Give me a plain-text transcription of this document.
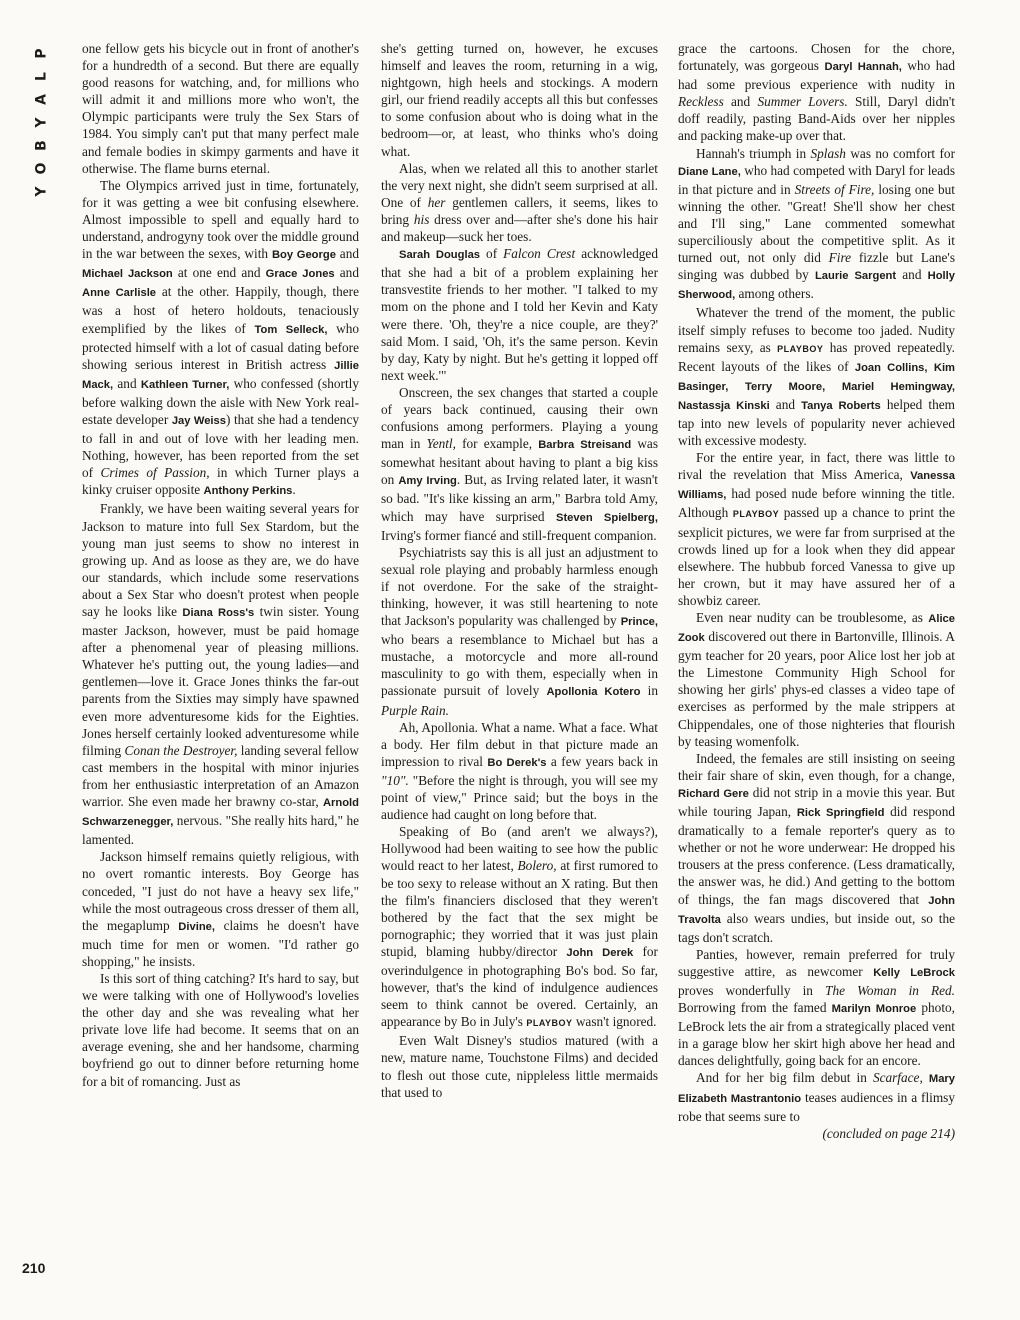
P
L
A
Y
B
O
Y
210

one fellow gets his bicycle out in front of another's for a hundredth of a second. But there are equally good reasons for watching, and, for millions who will admit it and millions more who won't, the Olympic participants were truly the Sex Stars of 1984. You simply can't put that many perfect male and female bodies in skimpy garments and have it otherwise. The flame burns eternal.

The Olympics arrived just in time, fortunately, for it was getting a wee bit confusing elsewhere. Almost impossible to spell and equally hard to understand, androgyny took over the middle ground in the war between the sexes, with Boy George and Michael Jackson at one end and Grace Jones and Anne Carlisle at the other. Happily, though, there was a host of hetero holdouts, tenaciously exemplified by the likes of Tom Selleck, who protected himself with a lot of casual dating before showing serious interest in British actress Jillie Mack, and Kathleen Turner, who confessed (shortly before walking down the aisle with New York real-estate developer Jay Weiss) that she had a tendency to fall in and out of love with her leading men. Nothing, however, has been reported from the set of Crimes of Passion, in which Turner plays a kinky cruiser opposite Anthony Perkins.

Frankly, we have been waiting several years for Jackson to mature into full Sex Stardom, but the young man just seems to show no interest in growing up. And as loose as they are, we do have our standards, which include some reservations about a Sex Star who doesn't protest when people say he looks like Diana Ross's twin sister. Young master Jackson, however, must be paid homage after a phenomenal year of pleasing millions. Whatever he's putting out, the young ladies—and gentlemen—love it. Grace Jones thinks the far-out parents from the Sixties may simply have spawned even more adventuresome kids for the Eighties. Jones herself certainly looked adventuresome while filming Conan the Destroyer, landing several fellow cast members in the hospital with minor injuries from her enthusiastic interpretation of an Amazon warrior. She even made her brawny co-star, Arnold Schwarzenegger, nervous. "She really hits hard," he lamented.

Jackson himself remains quietly religious, with no overt romantic interests. Boy George has conceded, "I just do not have a heavy sex life," while the most outrageous cross dresser of them all, the megaplump Divine, claims he doesn't have much time for men or women. "I'd rather go shopping," he insists.

Is this sort of thing catching? It's hard to say, but we were talking with one of Hollywood's lovelies the other day and she was revealing what her private love life had become. It seems that on an average evening, she and her handsome, charming boyfriend go out to dinner before returning home for a bit of romancing. Just as

she's getting turned on, however, he excuses himself and leaves the room, returning in a wig, nightgown, high heels and stockings. A modern girl, our friend readily accepts all this but confesses to some confusion about who is doing what in the bedroom—or, at least, who thinks who's doing what.

Alas, when we related all this to another starlet the very next night, she didn't seem surprised at all. One of her gentlemen callers, it seems, likes to bring his dress over and—after she's done his hair and makeup—suck her toes.

Sarah Douglas of Falcon Crest acknowledged that she had a bit of a problem explaining her transvestite friends to her mother. "I talked to my mom on the phone and I told her Kevin and Katy were there. 'Oh, they're a nice couple, are they?' said Mom. I said, 'Oh, it's the same person. Kevin by day, Katy by night. But he's getting it lopped off next week.'"

Onscreen, the sex changes that started a couple of years back continued, causing their own confusions among performers. Playing a young man in Yentl, for example, Barbra Streisand was somewhat hesitant about having to plant a big kiss on Amy Irving. But, as Irving related later, it wasn't so bad. "It's like kissing an arm," Barbra told Amy, which may have surprised Steven Spielberg, Irving's former fiancé and still-frequent companion.

Psychiatrists say this is all just an adjustment to sexual role playing and probably harmless enough if not overdone. For the sake of the straight-thinking, however, it was still heartening to note that Jackson's popularity was challenged by Prince, who bears a resemblance to Michael but has a mustache, a motorcycle and more all-round masculinity to go with them, especially when in passionate pursuit of lovely Apollonia Kotero in Purple Rain.

Ah, Apollonia. What a name. What a face. What a body. Her film debut in that picture made an impression to rival Bo Derek's a few years back in "10". "Before the night is through, you will see my point of view," Prince said; but the boys in the audience had caught on long before that.

Speaking of Bo (and aren't we always?), Hollywood had been waiting to see how the public would react to her latest, Bolero, at first rumored to be too sexy to release without an X rating. But then the film's financiers disclosed that they weren't bothered by the fact that the sex might be pornographic; they worried that it was just plain stupid, blaming hubby/director John Derek for overindulgence in photographing Bo's bod. So far, however, that's the kind of indulgence audiences seem to think cannot be overed. Certainly, an appearance by Bo in July's PLAYBOY wasn't ignored.

Even Walt Disney's studios matured (with a new, mature name, Touchstone Films) and decided to flesh out those cute, nippleless little mermaids that used to

grace the cartoons. Chosen for the chore, fortunately, was gorgeous Daryl Hannah, who had had some previous experience with nudity in Reckless and Summer Lovers. Still, Daryl didn't doff readily, pasting Band-Aids over her nipples and packing make-up over that.

Hannah's triumph in Splash was no comfort for Diane Lane, who had competed with Daryl for leads in that picture and in Streets of Fire, losing one but winning the other. "Great! She'll show her chest and I'll sing," Lane commented somewhat superciliously about the competitive split. As it turned out, not only did Fire fizzle but Lane's singing was dubbed by Laurie Sargent and Holly Sherwood, among others.

Whatever the trend of the moment, the public itself simply refuses to become too jaded. Nudity remains sexy, as PLAYBOY has proved repeatedly. Recent layouts of the likes of Joan Collins, Kim Basinger, Terry Moore, Mariel Hemingway, Nastassja Kinski and Tanya Roberts helped them tap into new levels of popularity never achieved with excessive modesty.

For the entire year, in fact, there was little to rival the revelation that Miss America, Vanessa Williams, had posed nude before winning the title. Although PLAYBOY passed up a chance to print the sexplicit pictures, we were far from surprised at the crowds lined up for a look when they did appear elsewhere. The hubbub forced Vanessa to give up her crown, but it may have assured her of a showbiz career.

Even near nudity can be troublesome, as Alice Zook discovered out there in Bartonville, Illinois. A gym teacher for 20 years, poor Alice lost her job at the Limestone Community High School for showing her girls' phys-ed classes a video tape of exercises as performed by the male strippers at Chippendales, one of those nighteries that flourish by teasing womenfolk.

Indeed, the females are still insisting on seeing their fair share of skin, even though, for a change, Richard Gere did not strip in a movie this year. But while touring Japan, Rick Springfield did respond dramatically to a female reporter's query as to whether or not he wore underwear: He dropped his trousers at the press conference. (Less dramatically, the answer was, he did.) And getting to the bottom of things, the fan mags discovered that John Travolta also wears undies, but inside out, so the tags don't scratch.

Panties, however, remain preferred for truly suggestive attire, as newcomer Kelly LeBrock proves wonderfully in The Woman in Red. Borrowing from the famed Marilyn Monroe photo, LeBrock lets the air from a strategically placed vent in a garage blow her skirt high above her head and dances delightfully, going back for an encore.

And for her big film debut in Scarface, Mary Elizabeth Mastrantonio teases audiences in a flimsy robe that seems sure to

(concluded on page 214)
